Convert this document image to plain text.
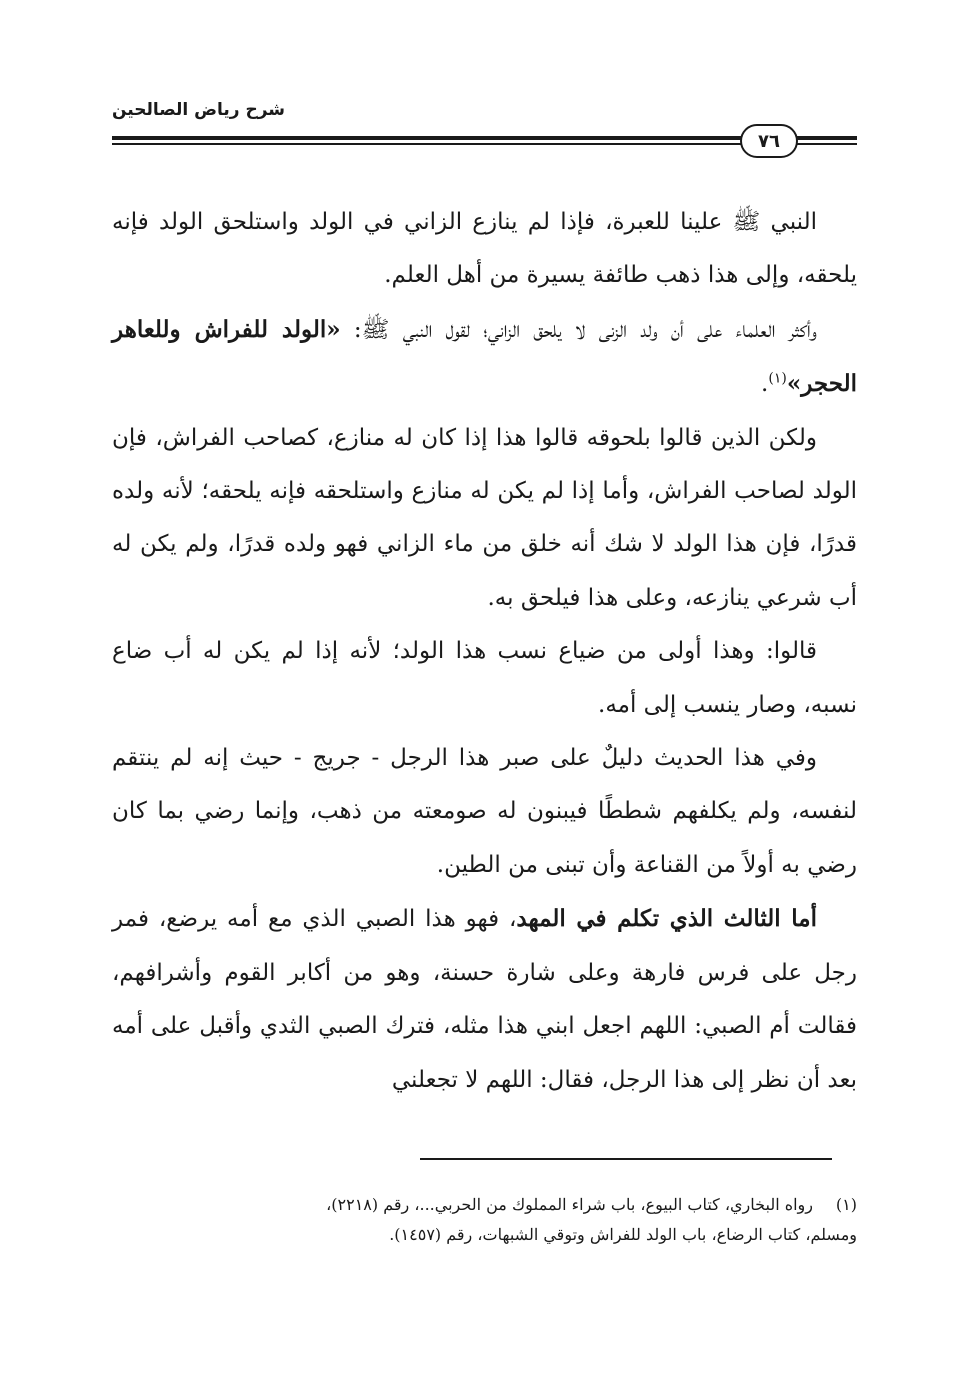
شرح رياض الصالحين
٧٦

النبي ﷺ علينا للعبرة، فإذا لم ينازع الزاني في الولد واستلحق الولد فإنه يلحقه، وإلى هذا ذهب طائفة يسيرة من أهل العلم.

وأكثر العلماء على أن ولد الزنى لا يلحق الزاني؛ لقول النبي ﷺ: «الولد للفراش وللعاهر الحجر»$^{(١)}$.

ولكن الذين قالوا بلحوقه قالوا هذا إذا كان له منازع، كصاحب الفراش، فإن الولد لصاحب الفراش، وأما إذا لم يكن له منازع واستلحقه فإنه يلحقه؛ لأنه ولده قدرًا، فإن هذا الولد لا شك أنه خلق من ماء الزاني فهو ولده قدرًا، ولم يكن له أب شرعي ينازعه، وعلى هذا فيلحق به.

قالوا: وهذا أولى من ضياع نسب هذا الولد؛ لأنه إذا لم يكن له أب ضاع نسبه، وصار ينسب إلى أمه.

وفي هذا الحديث دليلٌ على صبر هذا الرجل - جريج - حيث إنه لم ينتقم لنفسه، ولم يكلفهم شططًا فيبنون له صومعته من ذهب، وإنما رضي بما كان رضي به أولاً من القناعة وأن تبنى من الطين.

أما الثالث الذي تكلم في المهد، فهو هذا الصبي الذي مع أمه يرضع، فمر رجل على فرس فارهة وعلى شارة حسنة، وهو من أكابر القوم وأشرافهم، فقالت أم الصبي: اللهم اجعل ابني هذا مثله، فترك الصبي الثدي وأقبل على أمه بعد أن نظر إلى هذا الرجل، فقال: اللهم لا تجعلني

(١)رواه البخاري، كتاب البيوع، باب شراء المملوك من الحربي...، رقم (٢٢١٨)،

ومسلم، كتاب الرضاع، باب الولد للفراش وتوقي الشبهات، رقم (١٤٥٧).
